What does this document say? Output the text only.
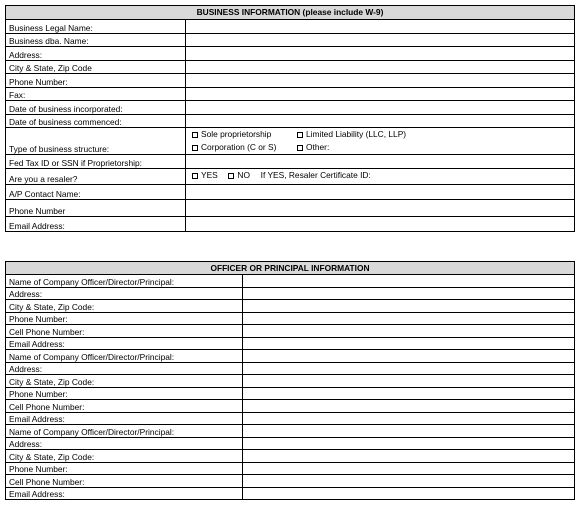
BUSINESS INFORMATION (please include W-9)	
Business Legal Name:	
Business dba. Name:	
Address:	
City & State, Zip Code	
Phone Number:	
Fax:	
Date of business incorporated:	
Date of business commenced:	
Type of business structure:	Sole proprietorship Limited Liability (LLC, LLP)
Corporation (C or S) Other:

Fed Tax ID or SSN if Proprietorship:	
Are you a resaler?	YES NO If YES, Resaler Certificate ID:
A/P Contact Name:	
Phone Number	
Email Address:	
OFFICER OR PRINCIPAL INFORMATION	
Name of Company Officer/Director/Principal:	
Address:	
City & State, Zip Code:	
Phone Number:	
Cell Phone Number:	
Email Address:	
Name of Company Officer/Director/Principal:	
Address:	
City & State, Zip Code:	
Phone Number:	
Cell Phone Number:	
Email Address:	
Name of Company Officer/Director/Principal:	
Address:	
City & State, Zip Code:	
Phone Number:	
Cell Phone Number:	
Email Address:	
